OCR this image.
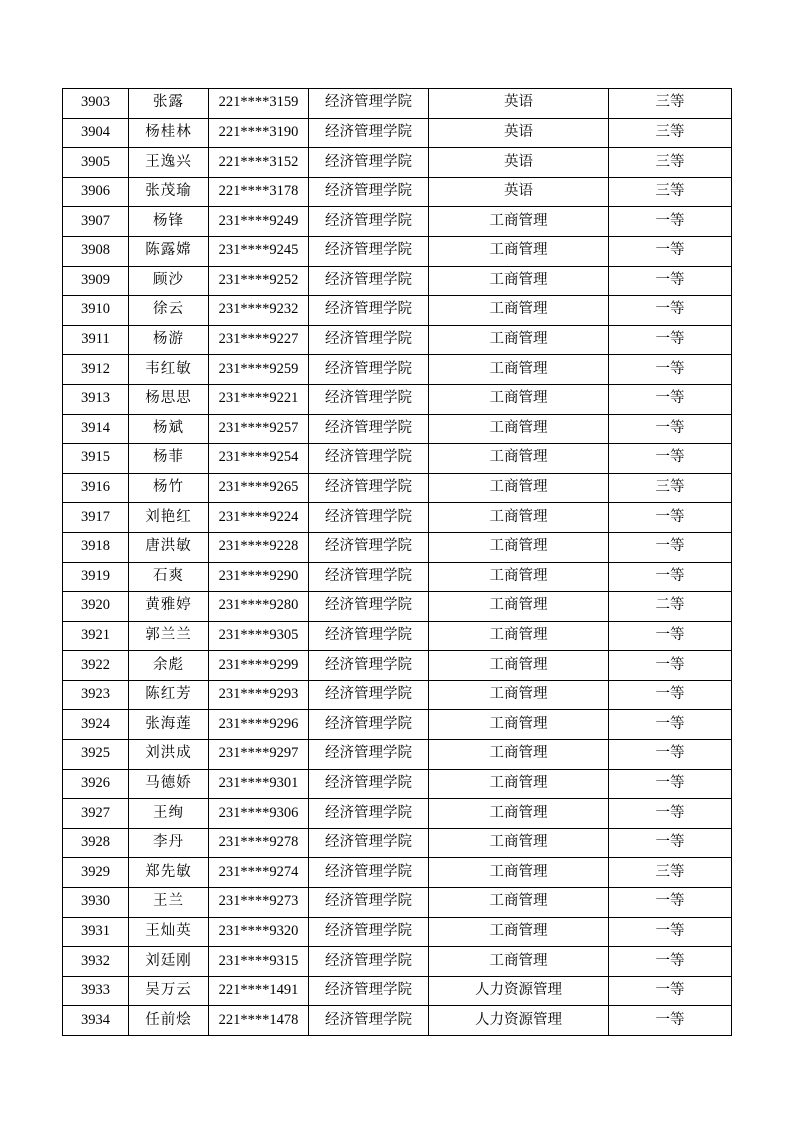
3903	张露	221****3159	经济管理学院	英语	三等
3904	杨桂林	221****3190	经济管理学院	英语	三等
3905	王逸兴	221****3152	经济管理学院	英语	三等
3906	张茂瑜	221****3178	经济管理学院	英语	三等
3907	杨锋	231****9249	经济管理学院	工商管理	一等
3908	陈露嫦	231****9245	经济管理学院	工商管理	一等
3909	顾沙	231****9252	经济管理学院	工商管理	一等
3910	徐云	231****9232	经济管理学院	工商管理	一等
3911	杨游	231****9227	经济管理学院	工商管理	一等
3912	韦红敏	231****9259	经济管理学院	工商管理	一等
3913	杨思思	231****9221	经济管理学院	工商管理	一等
3914	杨斌	231****9257	经济管理学院	工商管理	一等
3915	杨菲	231****9254	经济管理学院	工商管理	一等
3916	杨竹	231****9265	经济管理学院	工商管理	三等
3917	刘艳红	231****9224	经济管理学院	工商管理	一等
3918	唐洪敏	231****9228	经济管理学院	工商管理	一等
3919	石爽	231****9290	经济管理学院	工商管理	一等
3920	黄雅婷	231****9280	经济管理学院	工商管理	二等
3921	郭兰兰	231****9305	经济管理学院	工商管理	一等
3922	余彪	231****9299	经济管理学院	工商管理	一等
3923	陈红芳	231****9293	经济管理学院	工商管理	一等
3924	张海莲	231****9296	经济管理学院	工商管理	一等
3925	刘洪成	231****9297	经济管理学院	工商管理	一等
3926	马德娇	231****9301	经济管理学院	工商管理	一等
3927	王绚	231****9306	经济管理学院	工商管理	一等
3928	李丹	231****9278	经济管理学院	工商管理	一等
3929	郑先敏	231****9274	经济管理学院	工商管理	三等
3930	王兰	231****9273	经济管理学院	工商管理	一等
3931	王灿英	231****9320	经济管理学院	工商管理	一等
3932	刘廷刚	231****9315	经济管理学院	工商管理	一等
3933	吴万云	221****1491	经济管理学院	人力资源管理	一等
3934	任前烩	221****1478	经济管理学院	人力资源管理	一等
